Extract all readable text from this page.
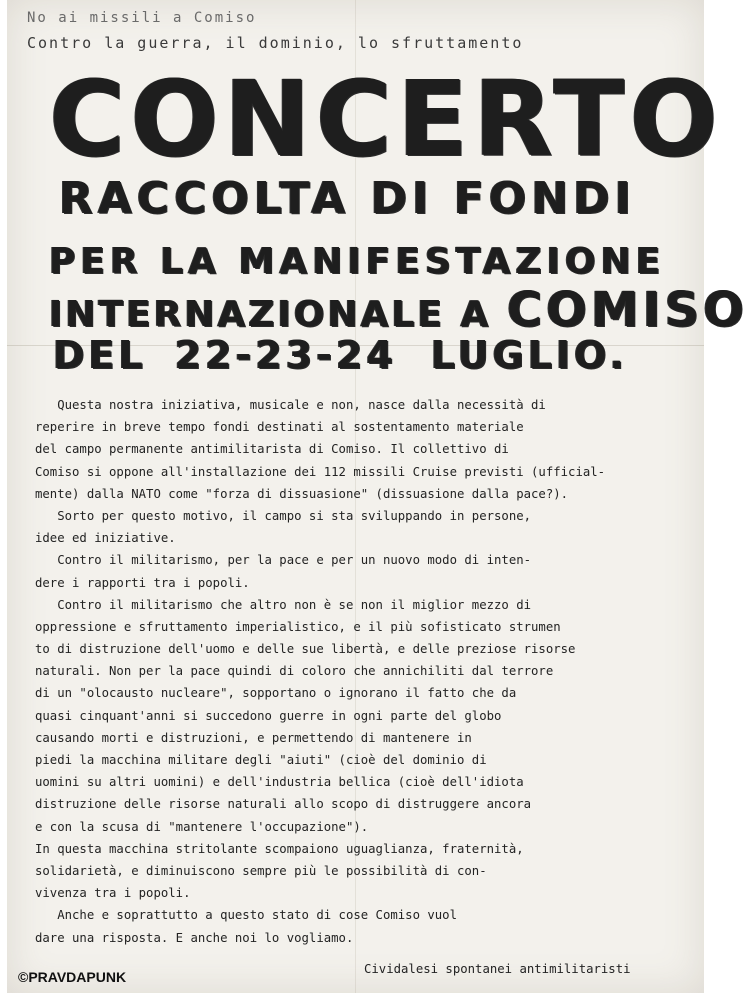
No ai missili a Comiso
Contro la guerra, il dominio, lo sfruttamento
CONCERTO
RACCOLTA DI FONDI
PER LA MANIFESTAZIONE
INTERNAZIONALE A COMISO
DEL 22-23-24 LUGLIO.
Questa nostra iniziativa, musicale e non, nasce dalla necessità di
reperire in breve tempo fondi destinati al sostentamento materiale
del campo permanente antimilitarista di Comiso. Il collettivo di
Comiso si oppone all'installazione dei 112 missili Cruise previsti (ufficial-
mente) dalla NATO come "forza di dissuasione" (dissuasione dalla pace?).
Sorto per questo motivo, il campo si sta sviluppando in persone,
idee ed iniziative.
Contro il militarismo, per la pace e per un nuovo modo di inten-
dere i rapporti tra i popoli.
Contro il militarismo che altro non è se non il miglior mezzo di
oppressione e sfruttamento imperialistico, e il più sofisticato strumen
to di distruzione dell'uomo e delle sue libertà, e delle preziose risorse
naturali. Non per la pace quindi di coloro che annichiliti dal terrore
di un "olocausto nucleare", sopportano o ignorano il fatto che da
quasi cinquant'anni si succedono guerre in ogni parte del globo
causando morti e distruzioni, e permettendo di mantenere in
piedi la macchina militare degli "aiuti" (cioè del dominio di
uomini su altri uomini) e dell'industria bellica (cioè dell'idiota
distruzione delle risorse naturali allo scopo di distruggere ancora
e con la scusa di "mantenere l'occupazione").
In questa macchina stritolante scompaiono uguaglianza, fraternità,
solidarietà, e diminuiscono sempre più le possibilità di con-
vivenza tra i popoli.
Anche e soprattutto a questo stato di cose Comiso vuol
dare una risposta. E anche noi lo vogliamo.
Cividalesi spontanei antimilitaristi
©PRAVDAPUNK
